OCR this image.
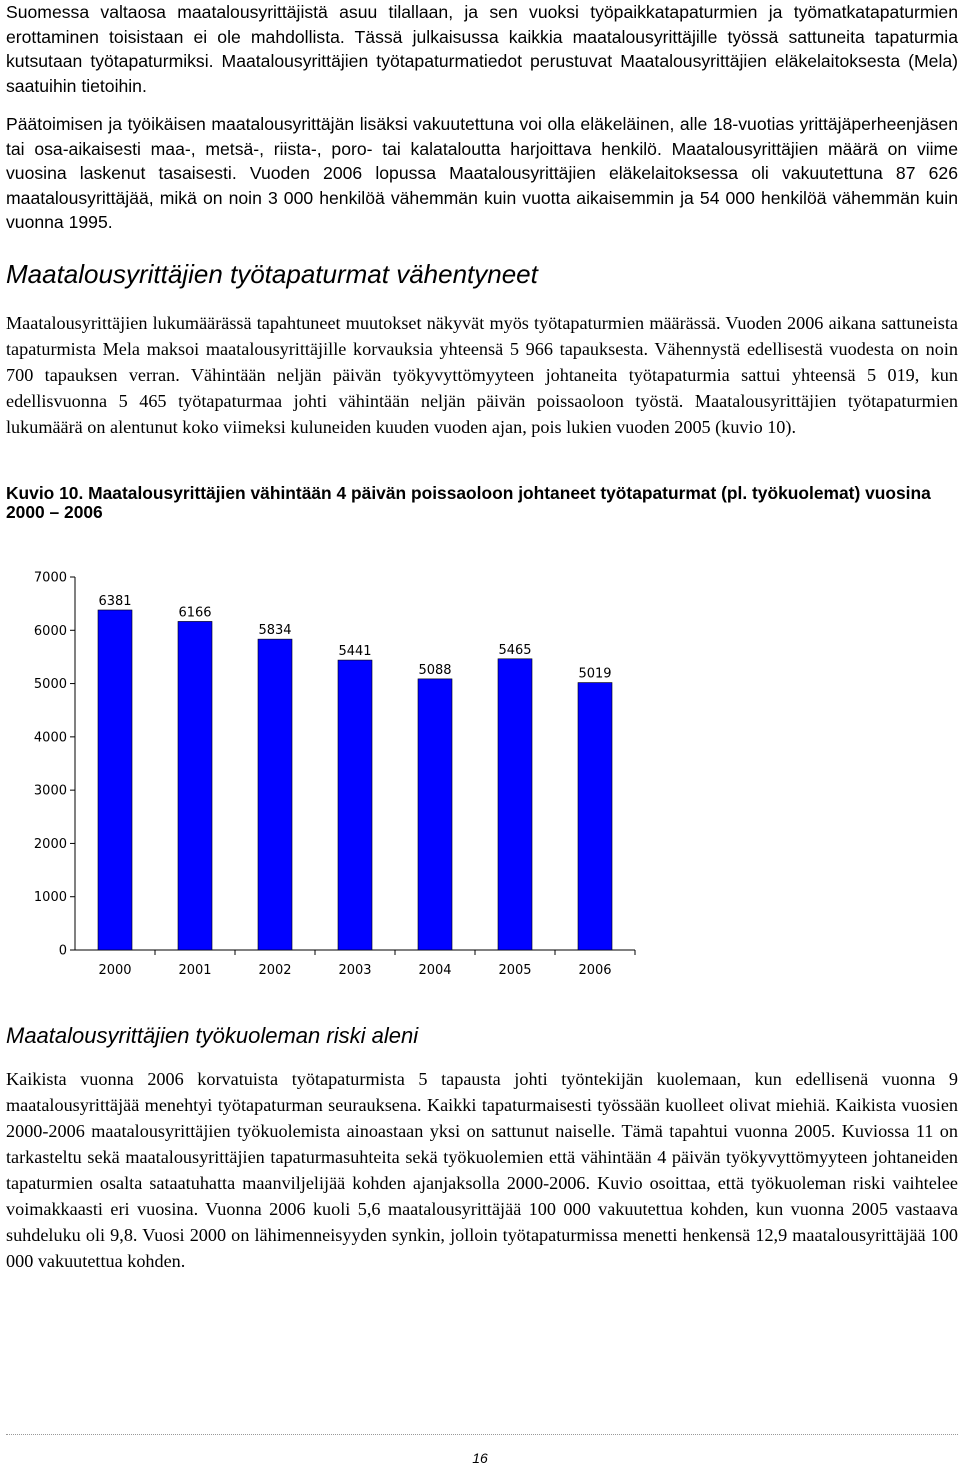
Suomessa valtaosa maatalousyrittäjistä asuu tilallaan, ja sen vuoksi työpaikkatapaturmien ja työmatkatapaturmien erottaminen toisistaan ei ole mahdollista. Tässä julkaisussa kaikkia maatalousyrittäjille työssä sattuneita tapaturmia kutsutaan työtapaturmiksi. Maatalousyrittäjien työtapaturmatiedot perustuvat Maatalousyrittäjien eläkelaitoksesta (Mela) saatuihin tietoihin.

Päätoimisen ja työikäisen maatalousyrittäjän lisäksi vakuutettuna voi olla eläkeläinen, alle 18-vuotias yrittäjäperheenjäsen tai osa-aikaisesti maa-, metsä-, riista-, poro- tai kalataloutta harjoittava henkilö. Maatalousyrittäjien määrä on viime vuosina laskenut tasaisesti. Vuoden 2006 lopussa Maatalousyrittäjien eläkelaitoksessa oli vakuutettuna 87 626 maatalousyrittäjää, mikä on noin 3 000 henkilöä vähemmän kuin vuotta aikaisemmin ja 54 000 henkilöä vähemmän kuin vuonna 1995.

Maatalousyrittäjien työtapaturmat vähentyneet

Maatalousyrittäjien lukumäärässä tapahtuneet muutokset näkyvät myös työtapaturmien määrässä. Vuoden 2006 aikana sattuneista tapaturmista Mela maksoi maatalousyrittäjille korvauksia yhteensä 5 966 tapauksesta. Vähennystä edellisestä vuodesta on noin 700 tapauksen verran. Vähintään neljän päivän työkyvyttömyyteen johtaneita työtapaturmia sattui yhteensä 5 019, kun edellisvuonna 5 465 työtapaturmaa johti vähintään neljän päivän poissaoloon työstä. Maatalousyrittäjien työtapaturmien lukumäärä on alentunut koko viimeksi kuluneiden kuuden vuoden ajan, pois lukien vuoden 2005 (kuvio 10).

Kuvio 10. Maatalousyrittäjien vähintään 4 päivän poissaoloon johtaneet työtapaturmat (pl. työkuolemat) vuosina 2000 – 2006

0
1000
2000
3000
4000
5000
6000
7000
6381
2000
6166
2001
5834
2002
5441
2003
5088
2004
5465
2005
5019
2006
Maatalousyrittäjien työkuoleman riski aleni

Kaikista vuonna 2006 korvatuista työtapaturmista 5 tapausta johti työntekijän kuolemaan, kun edellisenä vuonna 9 maatalousyrittäjää menehtyi työtapaturman seurauksena. Kaikki tapaturmaisesti työssään kuolleet olivat miehiä. Kaikista vuosien 2000-2006 maatalousyrittäjien työkuolemista ainoastaan yksi on sattunut naiselle. Tämä tapahtui vuonna 2005. Kuviossa 11 on tarkasteltu sekä maatalousyrittäjien tapaturmasuhteita sekä työkuolemien että vähintään 4 päivän työkyvyttömyyteen johtaneiden tapaturmien osalta sataatuhatta maanviljelijää kohden ajanjaksolla 2000-2006. Kuvio osoittaa, että työkuoleman riski vaihtelee voimakkaasti eri vuosina. Vuonna 2006 kuoli 5,6 maatalousyrittäjää 100 000 vakuutettua kohden, kun vuonna 2005 vastaava suhdeluku oli 9,8. Vuosi 2000 on lähimenneisyyden synkin, jolloin työtapaturmissa menetti henkensä 12,9 maatalousyrittäjää 100 000 vakuutettua kohden.

16
